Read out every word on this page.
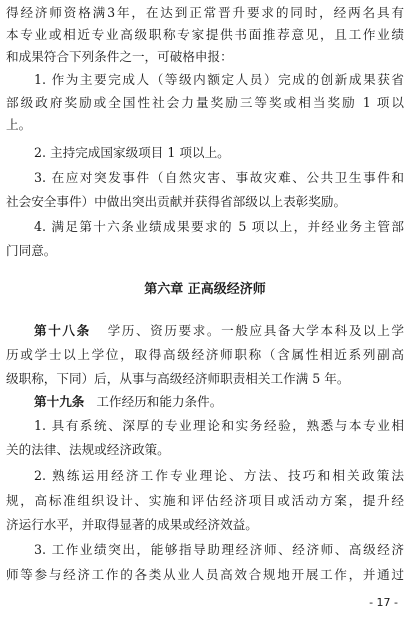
得经济师资格满3年，在达到正常晋升要求的同时，经两名具有
本专业或相近专业高级职称专家提供书面推荐意见，且工作业绩
和成果符合下列条件之一，可破格申报：
1. 作为主要完成人（等级内额定人员）完成的创新成果获省
部级政府奖励或全国性社会力量奖励三等奖或相当奖励 1 项以
上。
2. 主持完成国家级项目 1 项以上。
3. 在应对突发事件（自然灾害、事故灾难、公共卫生事件和
社会安全事件）中做出突出贡献并获得省部级以上表彰奖励。
4. 满足第十六条业绩成果要求的 5 项以上，并经业务主管部
门同意。
第六章 正高级经济师
第十八条 学历、资历要求。一般应具备大学本科及以上学
历或学士以上学位，取得高级经济师职称（含属性相近系列副高
级职称，下同）后，从事与高级经济师职责相关工作满 5 年。
第十九条 工作经历和能力条件。
1. 具有系统、深厚的专业理论和实务经验，熟悉与本专业相
关的法律、法规或经济政策。
2. 熟练运用经济工作专业理论、方法、技巧和相关政策法
规，高标准组织设计、实施和评估经济项目或活动方案，提升经
济运行水平，并取得显著的成果或经济效益。
3. 工作业绩突出，能够指导助理经济师、经济师、高级经济
师等参与经济工作的各类从业人员高效合规地开展工作，并通过
- 17 -
